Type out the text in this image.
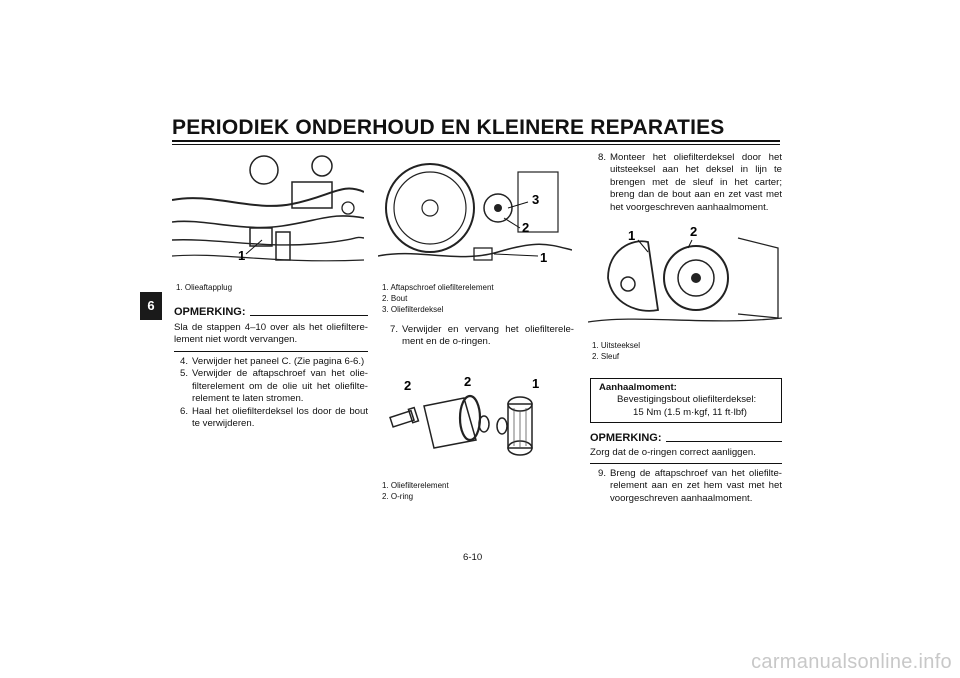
PERIODIEK ONDERHOUD EN KLEINERE REPARATIES
6
1
1. Olieaftapplug
OPMERKING:
Sla de stappen 4–10 over als het oliefiltere- lement niet wordt vervangen.
4. Verwijder het paneel C. (Zie pagina 6-6.)
5. Verwijder de aftapschroef van het olie- filterelement om de olie uit het oliefilte- relement te laten stromen.
6. Haal het oliefilterdeksel los door de bout te verwijderen.
3
2
1
1. Aftapschroef oliefilterelement
2. Bout
3. Oliefilterdeksel
7. Verwijder en vervang het oliefilterele- ment en de o-ringen.
2	2	1
1. Oliefilterelement
2. O-ring
8. Monteer het oliefilterdeksel door het uitsteeksel aan het deksel in lijn te brengen met de sleuf in het carter; breng dan de bout aan en zet vast met het voorgeschreven aanhaalmoment.
1	2
1. Uitsteeksel
2. Sleuf
Aanhaalmoment:
Bevestigingsbout oliefilterdeksel:
15 Nm (1.5 m·kgf, 11 ft·lbf)
OPMERKING:
Zorg dat de o-ringen correct aanliggen.
9. Breng de aftapschroef van het oliefilte- relement aan en zet hem vast met het voorgeschreven aanhaalmoment.
6-10
carmanualsonline.info
